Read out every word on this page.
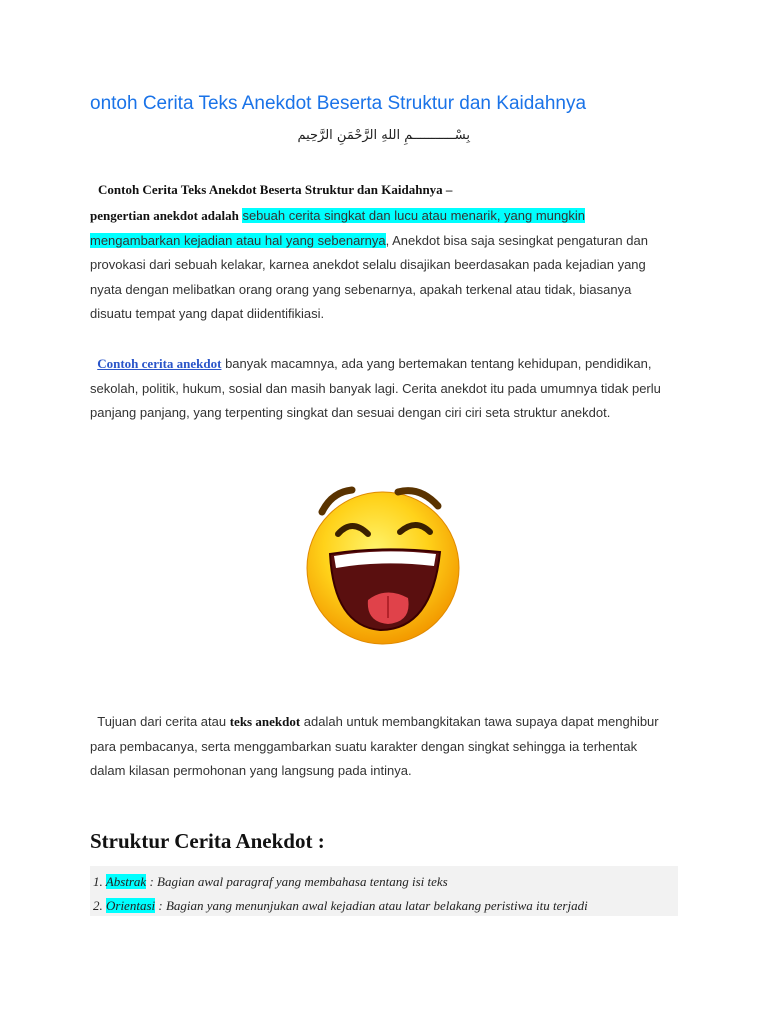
ontoh Cerita Teks Anekdot Beserta Struktur dan Kaidahnya
بِسْـــــــــــمِ اللهِ الرَّحْمَنِ الرَّحِيم
Contoh Cerita Teks Anekdot Beserta Struktur dan Kaidahnya –
pengertian anekdot adalah sebuah cerita singkat dan lucu atau menarik, yang mungkin
mengambarkan kejadian atau hal yang sebenarnya, Anekdot bisa saja sesingkat pengaturan dan
provokasi dari sebuah kelakar, karnea anekdot selalu disajikan beerdasakan pada kejadian yang
nyata dengan melibatkan orang orang yang sebenarnya, apakah terkenal atau tidak, biasanya
disuatu tempat yang dapat diidentifikiasi.
Contoh cerita anekdot banyak macamnya, ada yang bertemakan tentang kehidupan, pendidikan,
sekolah, politik, hukum, sosial dan masih banyak lagi. Cerita anekdot itu pada umumnya tidak perlu
panjang panjang, yang terpenting singkat dan sesuai dengan ciri ciri seta struktur anekdot.
Tujuan dari cerita atau teks anekdot adalah untuk membangkitakan tawa supaya dapat menghibur
para pembacanya, serta menggambarkan suatu karakter dengan singkat sehingga ia terhentak
dalam kilasan permohonan yang langsung pada intinya.
Struktur Cerita Anekdot :
1. Abstrak : Bagian awal paragraf yang membahasa tentang isi teks
2. Orientasi : Bagian yang menunjukan awal kejadian atau latar belakang peristiwa itu terjadi
